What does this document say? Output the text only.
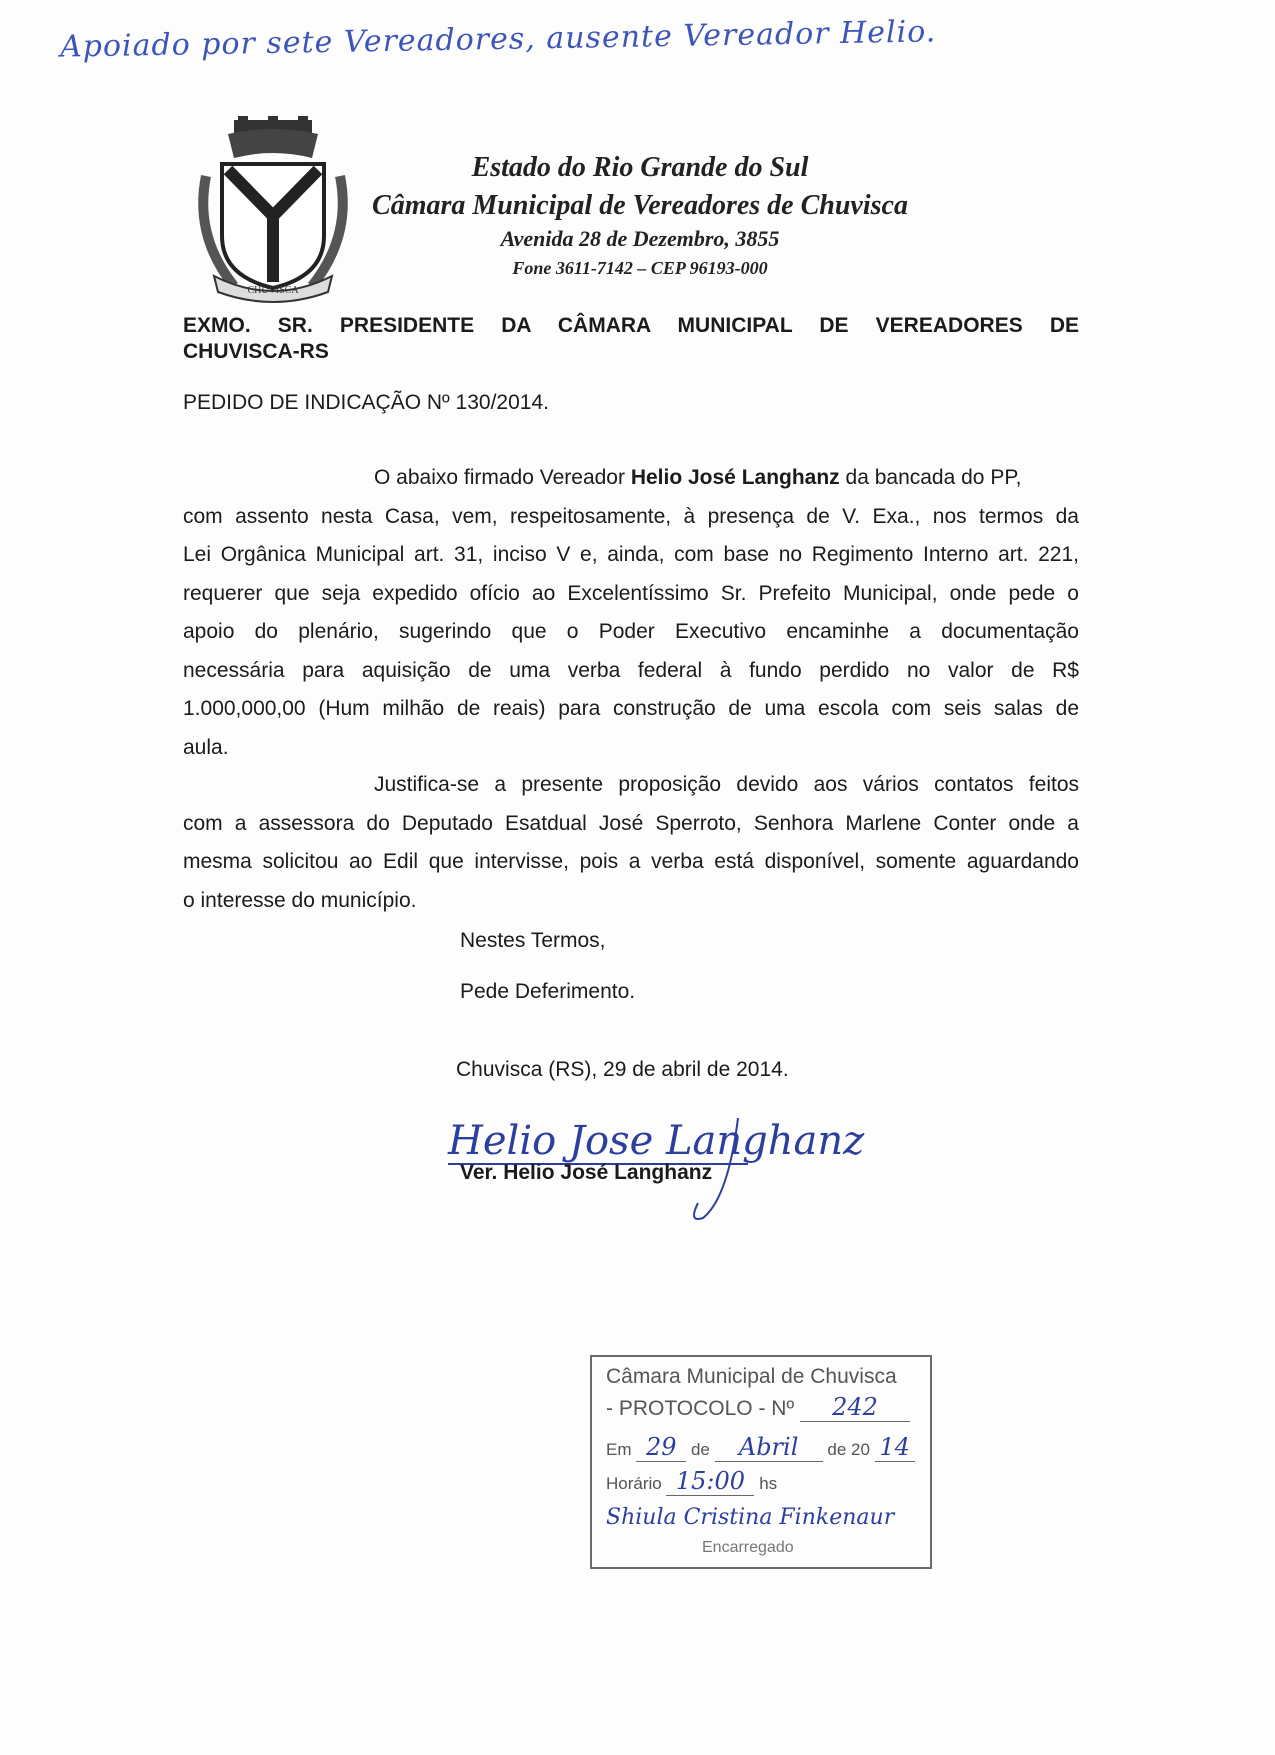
Apoiado por sete Vereadores, ausente Vereador Helio.
CHUVISCA
Estado do Rio Grande do Sul
Câmara Municipal de Vereadores de Chuvisca
Avenida 28 de Dezembro, 3855
Fone 3611-7142 – CEP 96193-000
EXMO. SR. PRESIDENTE DA CÂMARA MUNICIPAL DE VEREADORES DE
CHUVISCA-RS
PEDIDO DE INDICAÇÃO Nº 130/2014.
O abaixo firmado Vereador Helio José Langhanz da bancada do PP,
com assento nesta Casa, vem, respeitosamente, à presença de V. Exa., nos termos da
Lei Orgânica Municipal art. 31, inciso V e, ainda, com base no Regimento Interno art. 221,
requerer que seja expedido ofício ao Excelentíssimo Sr. Prefeito Municipal, onde pede o
apoio do plenário, sugerindo que o Poder Executivo encaminhe a documentação
necessária para aquisição de uma verba federal à fundo perdido no valor de R$
1.000,000,00 (Hum milhão de reais) para construção de uma escola com seis salas de
aula.
Justifica-se a presente proposição devido aos vários contatos feitos
com a assessora do Deputado Esatdual José Sperroto, Senhora Marlene Conter onde a
mesma solicitou ao Edil que intervisse, pois a verba está disponível, somente aguardando
o interesse do município.
Nestes Termos,
Pede Deferimento.
Chuvisca (RS), 29 de abril de 2014.
Helio Jose Langhanz
Ver. Helio José Langhanz
Câmara Municipal de Chuvisca
- PROTOCOLO - Nº 242
Em 29 de Abril de 20 14
Horário 15:00 hs
Shiula Cristina Finkenaur
Encarregado
